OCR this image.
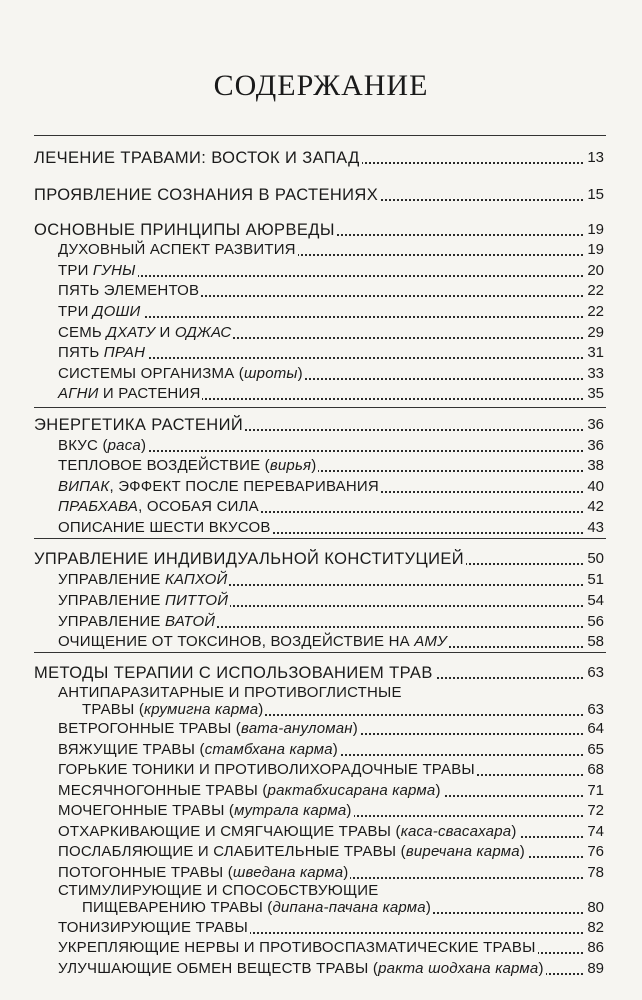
СОДЕРЖАНИЕ
ЛЕЧЕНИЕ ТРАВАМИ: ВОСТОК И ЗАПАД	13
ПРОЯВЛЕНИЕ СОЗНАНИЯ В РАСТЕНИЯХ	15
ОСНОВНЫЕ ПРИНЦИПЫ АЮРВЕДЫ	19
ДУХОВНЫЙ АСПЕКТ РАЗВИТИЯ	19
ТРИ ГУНЫ	20
ПЯТЬ ЭЛЕМЕНТОВ	22
ТРИ ДОШИ	22
СЕМЬ ДХАТУ И ОДЖАС	29
ПЯТЬ ПРАН	31
СИСТЕМЫ ОРГАНИЗМА (шроты)	33
АГНИ И РАСТЕНИЯ	35
ЭНЕРГЕТИКА РАСТЕНИЙ	36
ВКУС (раса)	36
ТЕПЛОВОЕ ВОЗДЕЙСТВИЕ (вирья)	38
ВИПАК, ЭФФЕКТ ПОСЛЕ ПЕРЕВАРИВАНИЯ	40
ПРАБХАВА, ОСОБАЯ СИЛА	42
ОПИСАНИЕ ШЕСТИ ВКУСОВ	43
УПРАВЛЕНИЕ ИНДИВИДУАЛЬНОЙ КОНСТИТУЦИЕЙ	50
УПРАВЛЕНИЕ КАПХОЙ	51
УПРАВЛЕНИЕ ПИТТОЙ	54
УПРАВЛЕНИЕ ВАТОЙ	56
ОЧИЩЕНИЕ ОТ ТОКСИНОВ, ВОЗДЕЙСТВИЕ НА АМУ	58
МЕТОДЫ ТЕРАПИИ С ИСПОЛЬЗОВАНИЕМ ТРАВ	63
АНТИПАРАЗИТАРНЫЕ И ПРОТИВОГЛИСТНЫЕ
ТРАВЫ (крумигна карма)	63
ВЕТРОГОННЫЕ ТРАВЫ (вата-ануломан)	64
ВЯЖУЩИЕ ТРАВЫ (стамбхана карма)	65
ГОРЬКИЕ ТОНИКИ И ПРОТИВОЛИХОРАДОЧНЫЕ ТРАВЫ	68
МЕСЯЧНОГОННЫЕ ТРАВЫ (рактабхисарана карма)	71
МОЧЕГОННЫЕ ТРАВЫ (мутрала карма)	72
ОТХАРКИВАЮЩИЕ И СМЯГЧАЮЩИЕ ТРАВЫ (каса-свасахара)	74
ПОСЛАБЛЯЮЩИЕ И СЛАБИТЕЛЬНЫЕ ТРАВЫ (виречана карма)	76
ПОТОГОННЫЕ ТРАВЫ (шведана карма)	78
СТИМУЛИРУЮЩИЕ И СПОСОБСТВУЮЩИЕ
ПИЩЕВАРЕНИЮ ТРАВЫ (дипана-пачана карма)	80
ТОНИЗИРУЮЩИЕ ТРАВЫ	82
УКРЕПЛЯЮЩИЕ НЕРВЫ И ПРОТИВОСПАЗМАТИЧЕСКИЕ ТРАВЫ	86
УЛУЧШАЮЩИЕ ОБМЕН ВЕЩЕСТВ ТРАВЫ (ракта шодхана карма)	89
